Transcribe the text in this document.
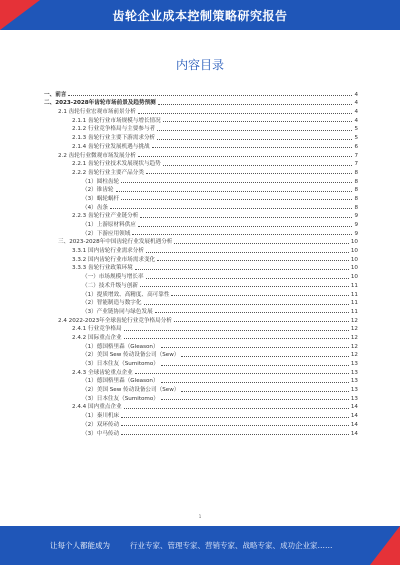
齿轮企业成本控制策略研究报告
内容目录
一、前言	4
二、2023-2028年齿轮市场前景及趋势预测	4
2.1 齿轮行业宏观市场前景分析	4
2.1.1 齿轮行业市场规模与增长情况	4
2.1.2 行业竞争格局与主要参与者	5
2.1.3 齿轮行业主要下游需求分析	5
2.1.4 齿轮行业发展机遇与挑战	6
2.2 齿轮行业微观市场发展分析	7
2.2.1 齿轮行业技术发展现状与趋势	7
2.2.2 齿轮行业主要产品分类	8
（1）圆柱齿轮	8
（2）锥齿轮	8
（3）蜗轮蜗杆	8
（4）齿条	8
2.2.3 齿轮行业产业链分析	9
（1）上游原材料供应	9
（2）下游应用领域	9
三、2023-2028年中国齿轮行业发展机遇分析	10
3.3.1 国内齿轮行业需求分析	10
3.3.2 国内齿轮行业市场需求变化	10
3.3.3 齿轮行业政策环境	10
（一）市场规模与增长率	10
（二）技术升级与创新	11
（1）提质增效、高精度、高可靠性	11
（2）智能制造与数字化	11
（3）产业链协同与绿色发展	11
2.4 2022-2023年全球齿轮行业竞争格局分析	12
2.4.1 行业竞争格局	12
2.4.2 国际重点企业	12
（1）德国格里森（Gleason）	12
（2）美国 Sew 传动设备公司（Sew）	12
（3）日本住友（Sumitomo）	13
2.4.3 全球齿轮重点企业	13
（1）德国格里森（Gleason）	13
（2）美国 Sew 传动设备公司（Sew）	13
（3）日本住友（Sumitomo）	13
2.4.4 国内重点企业	14
（1）秦川机床	14
（2）双环传动	14
（3）中马传动	14
1
让每个人都能成为	行业专家、管理专家、营销专家、战略专家、成功企业家……
